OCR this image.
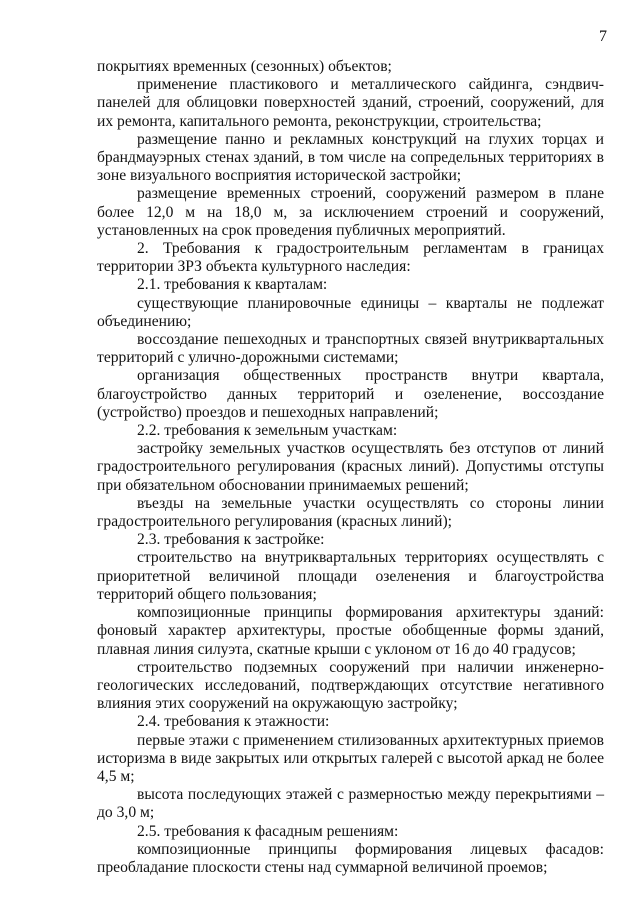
7

покрытиях временных (сезонных) объектов;

применение пластикового и металлического сайдинга, сэндвич-панелей для облицовки поверхностей зданий, строений, сооружений, для их ремонта, капитального ремонта, реконструкции, строительства;

размещение панно и рекламных конструкций на глухих торцах и брандмауэрных стенах зданий, в том числе на сопредельных территориях в зоне визуального восприятия исторической застройки;

размещение временных строений, сооружений размером в плане более 12,0 м на 18,0 м, за исключением строений и сооружений, установленных на срок проведения публичных мероприятий.

2. Требования к градостроительным регламентам в границах территории ЗРЗ объекта культурного наследия:

2.1. требования к кварталам:

существующие планировочные единицы – кварталы не подлежат объединению;

воссоздание пешеходных и транспортных связей внутриквартальных территорий с улично-дорожными системами;

организация общественных пространств внутри квартала, благоустройство данных территорий и озеленение, воссоздание (устройство) проездов и пешеходных направлений;

2.2. требования к земельным участкам:

застройку земельных участков осуществлять без отступов от линий градостроительного регулирования (красных линий). Допустимы отступы при обязательном обосновании принимаемых решений;

въезды на земельные участки осуществлять со стороны линии градостроительного регулирования (красных линий);

2.3. требования к застройке:

строительство на внутриквартальных территориях осуществлять с приоритетной величиной площади озеленения и благоустройства территорий общего пользования;

композиционные принципы формирования архитектуры зданий: фоновый характер архитектуры, простые обобщенные формы зданий, плавная линия силуэта, скатные крыши с уклоном от 16 до 40 градусов;

строительство подземных сооружений при наличии инженерно-геологических исследований, подтверждающих отсутствие негативного влияния этих сооружений на окружающую застройку;

2.4. требования к этажности:

первые этажи с применением стилизованных архитектурных приемов историзма в виде закрытых или открытых галерей с высотой аркад не более 4,5 м;

высота последующих этажей с размерностью между перекрытиями – до 3,0 м;

2.5. требования к фасадным решениям:

композиционные принципы формирования лицевых фасадов: преобладание плоскости стены над суммарной величиной проемов;
